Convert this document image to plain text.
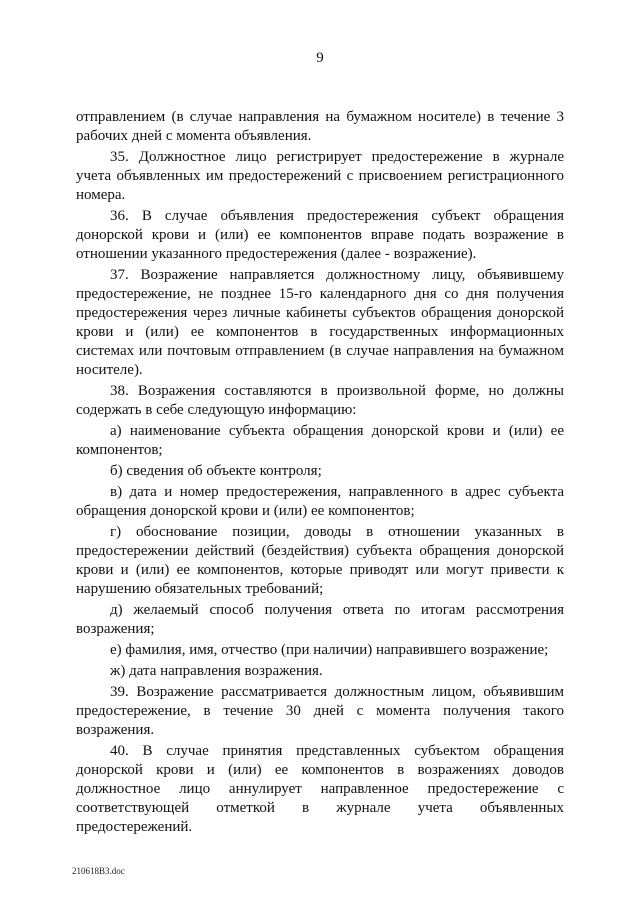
9

отправлением (в случае направления на бумажном носителе) в течение 3 рабочих дней с момента объявления.

35. Должностное лицо регистрирует предостережение в журнале учета объявленных им предостережений с присвоением регистрационного номера.

36. В случае объявления предостережения субъект обращения донорской крови и (или) ее компонентов вправе подать возражение в отношении указанного предостережения (далее - возражение).

37. Возражение направляется должностному лицу, объявившему предостережение, не позднее 15-го календарного дня со дня получения предостережения через личные кабинеты субъектов обращения донорской крови и (или) ее компонентов в государственных информационных системах или почтовым отправлением (в случае направления на бумажном носителе).

38. Возражения составляются в произвольной форме, но должны содержать в себе следующую информацию:

а) наименование субъекта обращения донорской крови и (или) ее компонентов;

б) сведения об объекте контроля;

в) дата и номер предостережения, направленного в адрес субъекта обращения донорской крови и (или) ее компонентов;

г) обоснование позиции, доводы в отношении указанных в предостережении действий (бездействия) субъекта обращения донорской крови и (или) ее компонентов, которые приводят или могут привести к нарушению обязательных требований;

д) желаемый способ получения ответа по итогам рассмотрения возражения;

е) фамилия, имя, отчество (при наличии) направившего возражение;

ж) дата направления возражения.

39. Возражение рассматривается должностным лицом, объявившим предостережение, в течение 30 дней с момента получения такого возражения.

40. В случае принятия представленных субъектом обращения донорской крови и (или) ее компонентов в возражениях доводов должностное лицо аннулирует направленное предостережение с соответствующей отметкой в журнале учета объявленных предостережений.

210618B3.doc
